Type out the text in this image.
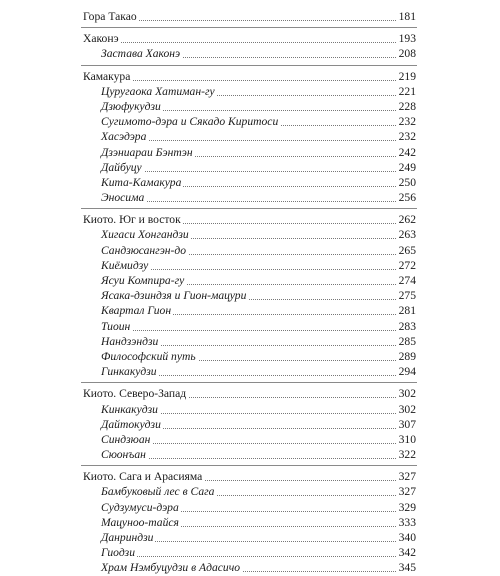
Гора Такао	181
Хаконэ	193
Застава Хаконэ	208
Камакура	219
Цуругаока Хатиман-гу	221
Дзюфукудзи	228
Сугимото-дэра и Сякадо Киритоси	232
Хасэдэра	232
Дзэниараи Бэнтэн	242
Дайбуцу	249
Кита-Камакура	250
Эносима	256
Киото. Юг и восток	262
Хигаси Хонгандзи	263
Сандзюсангэн-до	265
Киёмидзу	272
Ясуи Компира-гу	274
Ясака-дзиндзя и Гион-мацури	275
Квартал Гион	281
Тиоин	283
Нандзэндзи	285
Философский путь	289
Гинкакудзи	294
Киото. Северо-Запад	302
Кинкакудзи	302
Дайтокудзи	307
Синдзюан	310
Сюонъан	322
Киото. Сага и Арасияма	327
Бамбуковый лес в Сага	327
Судзумуси-дэра	329
Мацуноо-тайся	333
Данриндзи	340
Гиодзи	342
Храм Нэмбуцудзи в Адасичо	345
